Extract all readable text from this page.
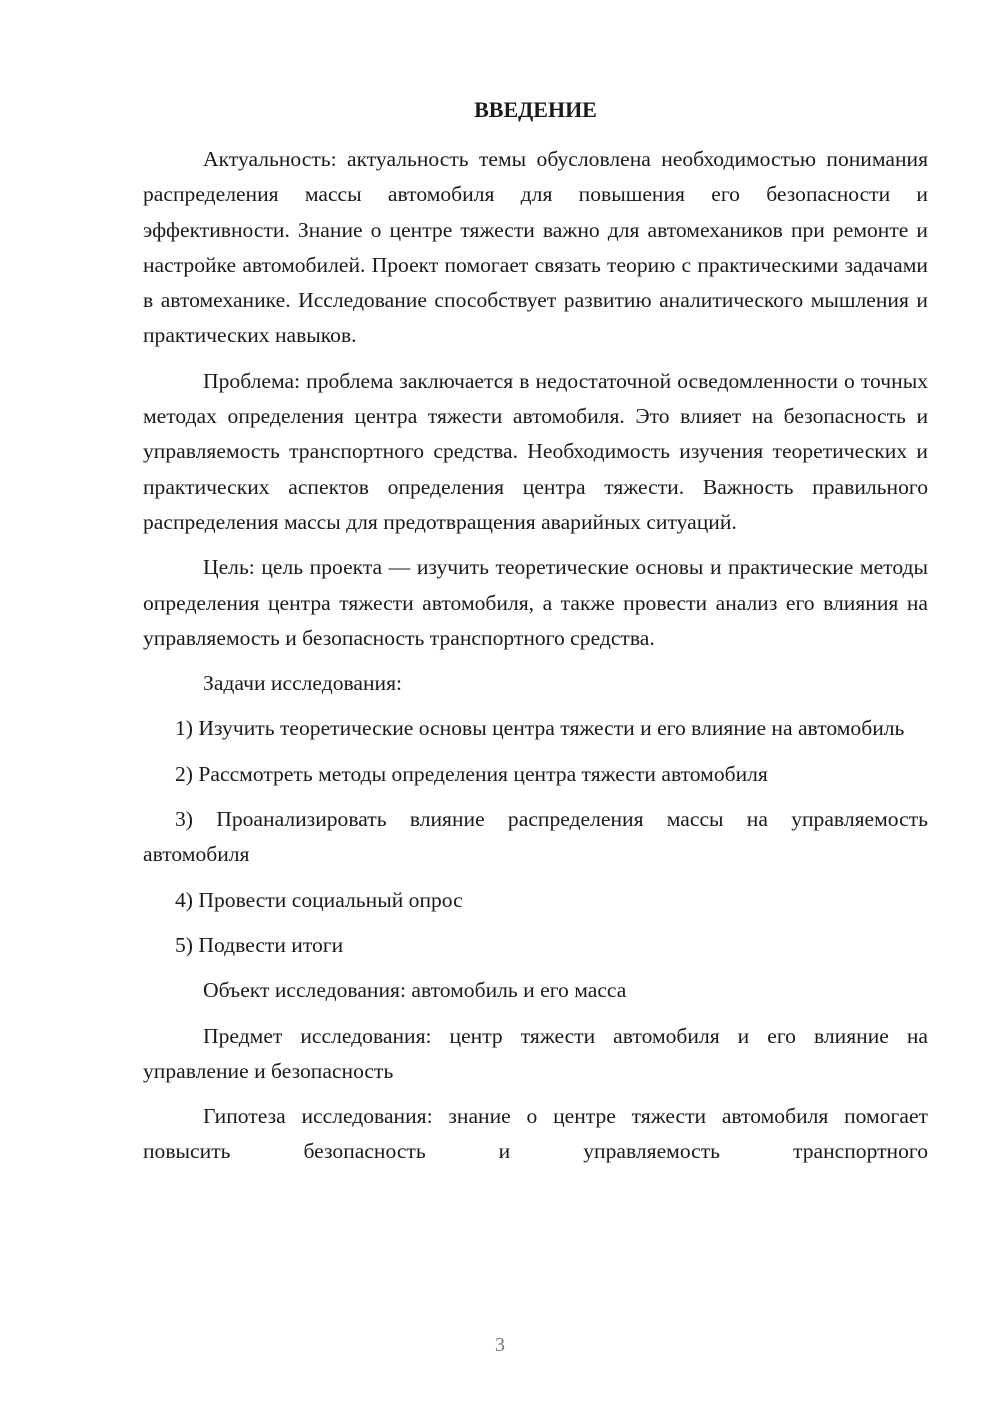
ВВЕДЕНИЕ

Актуальность: актуальность темы обусловлена необходимостью понимания распределения массы автомобиля для повышения его безопасности и эффективности. Знание о центре тяжести важно для автомехаников при ремонте и настройке автомобилей. Проект помогает связать теорию с практическими задачами в автомеханике. Исследование способствует развитию аналитического мышления и практических навыков.

Проблема: проблема заключается в недостаточной осведомленности о точных методах определения центра тяжести автомобиля. Это влияет на безопасность и управляемость транспортного средства. Необходимость изучения теоретических и практических аспектов определения центра тяжести. Важность правильного распределения массы для предотвращения аварийных ситуаций.

Цель: цель проекта — изучить теоретические основы и практические методы определения центра тяжести автомобиля, а также провести анализ его влияния на управляемость и безопасность транспортного средства.

Задачи исследования:

1) Изучить теоретические основы центра тяжести и его влияние на автомобиль

2) Рассмотреть методы определения центра тяжести автомобиля

3) Проанализировать влияние распределения массы на управляемость автомобиля

4) Провести социальный опрос

5) Подвести итоги

Объект исследования: автомобиль и его масса

Предмет исследования: центр тяжести автомобиля и его влияние на управление и безопасность

Гипотеза исследования: знание о центре тяжести автомобиля помогает повысить безопасность и управляемость транспортного

3
